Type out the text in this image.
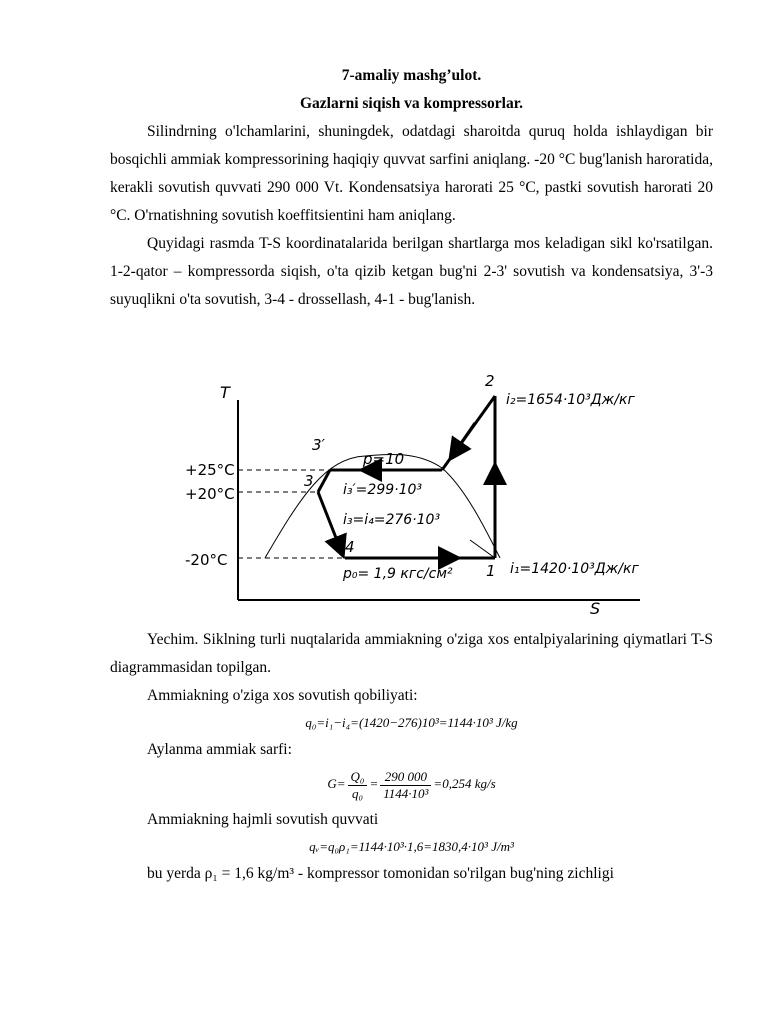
7-amaliy mashg’ulot.
Gazlarni siqish va kompressorlar.

Silindrning o'lchamlarini, shuningdek, odatdagi sharoitda quruq holda ishlaydigan bir bosqichli ammiak kompressorining haqiqiy quvvat sarfini aniqlang. -20 °C bug'lanish haroratida, kerakli sovutish quvvati 290 000 Vt. Kondensatsiya harorati 25 °C, pastki sovutish harorati 20 °C. O'rnatishning sovutish koeffitsientini ham aniqlang.

Quyidagi rasmda T-S koordinatalarida berilgan shartlarga mos keladigan sikl ko'rsatilgan. 1-2-qator – kompressorda siqish, o'ta qizib ketgan bug'ni 2-3' sovutish va kondensatsiya, 3'-3 suyuqlikni o'ta sovutish, 3-4 - drossellash, 4-1 - bug'lanish.

T
S
+25°C
+20°C
-20°C
2
3′
3
4
1
p=10
i₂=1654·10³Дж/кг
i₃′=299·10³
i₃=i₄=276·10³
i₁=1420·10³Дж/кг
p₀= 1,9 кгс/см²

Yechim. Siklning turli nuqtalarida ammiakning o'ziga xos entalpiyalarining qiymatlari T-S diagrammasidan topilgan.

Ammiakning o'ziga xos sovutish qobiliyati:

q₀=i₁−i₄=(1420−276)10³=1144·10³ J/kg

Aylanma ammiak sarfi:

$G= \frac{\text{Q₀}}{\text{q₀}} = \frac{290 000}{\text{1144·10³}} =0,254$ kg/s

Ammiakning hajmli sovutish quvvati

qᵥ=q₀ρ₁=1144·10³·1,6=1830,4·10³ J/m³

bu yerda ρ₁ = 1,6 kg/m³ - kompressor tomonidan so'rilgan bug'ning zichligi
